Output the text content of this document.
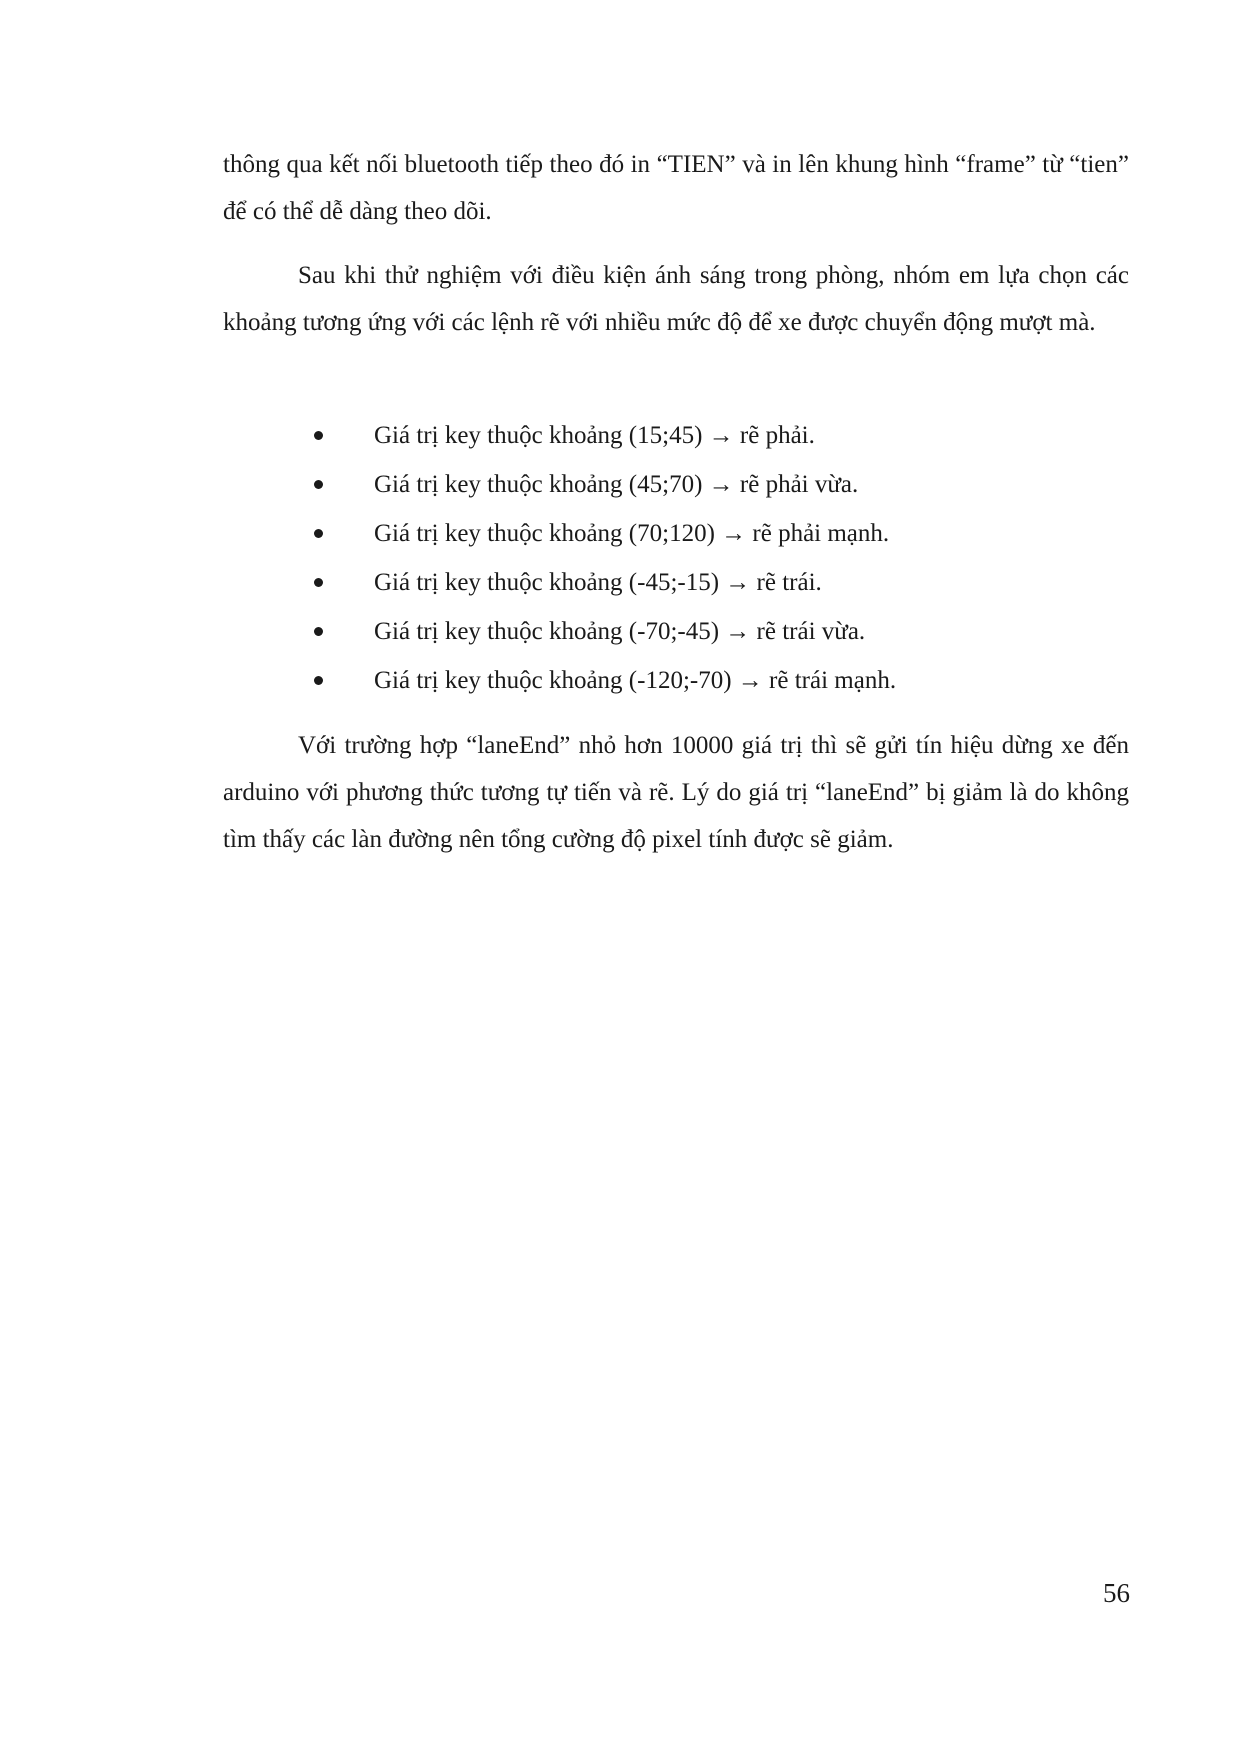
thông qua kết nối bluetooth tiếp theo đó in “TIEN” và in lên khung hình “frame” từ “tien” để có thể dễ dàng theo dõi.

Sau khi thử nghiệm với điều kiện ánh sáng trong phòng, nhóm em lựa chọn các khoảng tương ứng với các lệnh rẽ với nhiều mức độ để xe được chuyển động mượt mà.

Giá trị key thuộc khoảng (15;45) → rẽ phải.
Giá trị key thuộc khoảng (45;70) → rẽ phải vừa.
Giá trị key thuộc khoảng (70;120) → rẽ phải mạnh.
Giá trị key thuộc khoảng (-45;-15) → rẽ trái.
Giá trị key thuộc khoảng (-70;-45) → rẽ trái vừa.
Giá trị key thuộc khoảng (-120;-70) → rẽ trái mạnh.

Với trường hợp “laneEnd” nhỏ hơn 10000 giá trị thì sẽ gửi tín hiệu dừng xe đến arduino với phương thức tương tự tiến và rẽ. Lý do giá trị “laneEnd” bị giảm là do không tìm thấy các làn đường nên tổng cường độ pixel tính được sẽ giảm.

56
